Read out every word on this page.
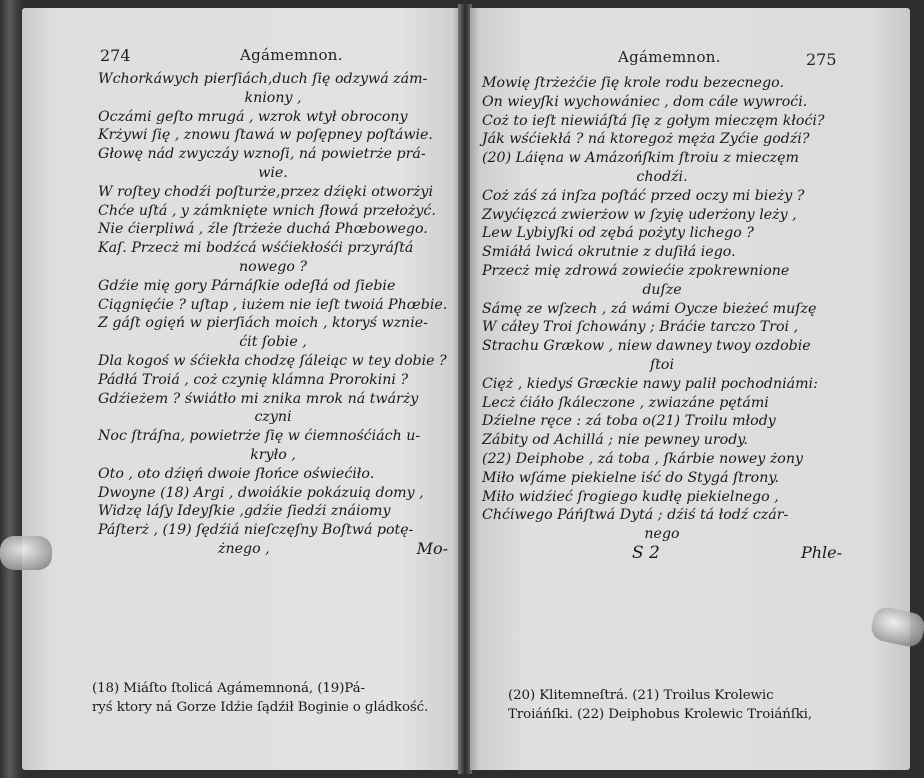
274	Agámemnon.
Wchorkáwych pierſiách,duch ſię odzywá zám-
kniony ,
Oczámi geſto mrugá , wzrok wtył obrocony
Krżywi ſię , znowu ſtawá w poſępney poſtáwie.
Głowę nád zwyczáy wznoſi, ná powietrże prá-
wie.
W roſtey chodźi poſturże,przez dźięki otworżyi
Chće uſtá , y zámknięte wnich ſłowá przełożyć.
Nie ćierpliwá , źle ſtrżeże duchá Phœbowego.
Kaſ. Przecż mi bodźcá wśćiekłośći przyráſtá
nowego ?
Gdźie mię gory Párnáſkie odeſłá od ſiebie
Ciągnięćie ? uſtap , iużem nie ieſt twoiá Phœbie.
Z gáſt ogięń w pierſiách moich , ktoryś wznie-
ćit ſobie ,
Dla kogoś w śćiekła chodzę ſáleiąc w tey dobie ?
Pádłá Troiá , coż czynię klámna Prorokini ?
Gdźieżem ? świátło mi znika mrok ná twárży
czyni
Noc ſtráſna, powietrże ſię w ćiemnośćiách u-
kryło ,
Oto , oto dźięń dwoie ſłońce oświećiło.
Dwoyne (18) Argi , dwoiákie pokázuią domy ,
Widzę láſy Ideyſkie ,gdźie ſiedźi znáiomy
Páſterż , (19) ſędźiá nieſczęſny Boſtwá potę-
żnego ,	Mo-
(18) Miáſto ſtolicá Agámemnoná, (19)Pá-
ryś ktory ná Gorze Idźie ſądźił Boginie o gládkość.
Agámemnon.	275
Mowię ſtrżeżćie ſię krole rodu bezecnego.
On wieyſki wychowániec , dom cále wywroći.
Coż to ieſt niewiáſtá ſię z gołym mieczęm kłoći?
Ják wśćiekłá ? ná ktoregoż męża Zyćie godźi?
(20) Láięna w Amázońſkim ſtroiu z mieczęm
chodźi.
Coż záś zá inſza poſtáć przed oczy mi bieży ?
Zwyćięzcá zwierżow w ſzyię uderżony leży ,
Lew Lybiyſki od zębá pożyty lichego ?
Smiáłá lwicá okrutnie z duſiłá iego.
Przecż mię zdrowá zowiećie zpokrewnione
duſze
Sámę ze wſzech , zá wámi Oycze bieżeć muſzę
W cáłey Troi ſchowány ; Bráćie tarczo Troi ,
Strachu Grækow , niew dawney twoy ozdobie
ſtoi
Cięż , kiedyś Græckie nawy palił pochodniámi:
Lecż ćiáło ſkáleczone , zwiazáne pętámi
Dźielne ręce : zá toba o(21) Troilu młody
Zábity od Achillá ; nie pewney urody.
(22) Deiphobe , zá toba , ſkárbie nowey żony
Miło wſáme piekielne iść do Stygá ſtrony.
Miło widźieć ſrogiego kudłę piekielnego ,
Chćiwego Páńſtwá Dytá ; dźiś tá łodź czár-
nego
S 2	Phle-
(20) Klitemneſtrá. (21) Troilus Krolewic
Troiáńſki. (22) Deiphobus Krolewic Troiáńſki,
